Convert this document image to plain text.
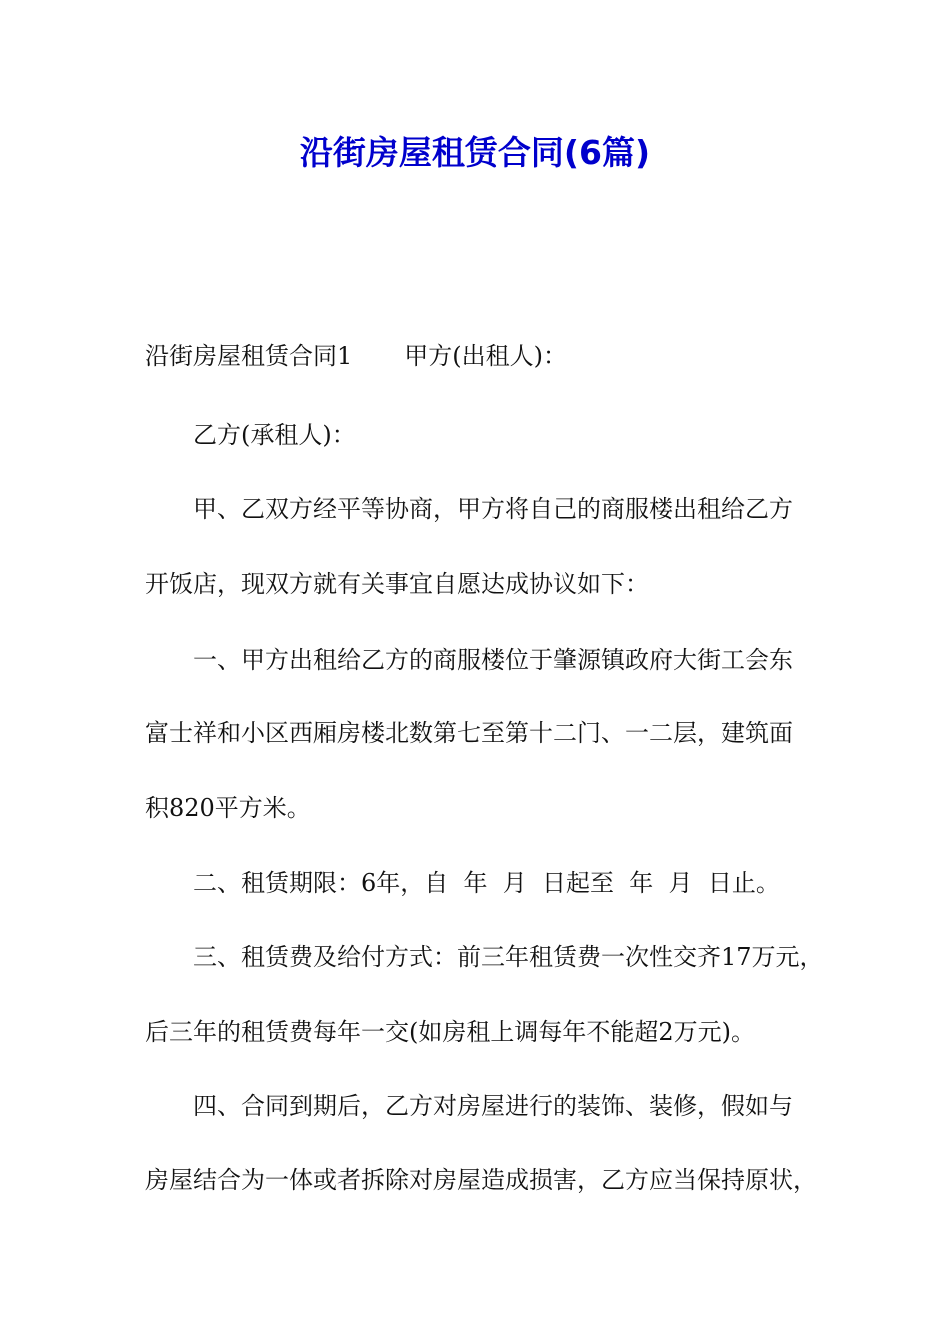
沿街房屋租赁合同(6篇)
沿街房屋租赁合同1 甲方(出租人)：
乙方(承租人)：
甲、乙双方经平等协商，甲方将自己的商服楼出租给乙方
开饭店，现双方就有关事宜自愿达成协议如下：
一、甲方出租给乙方的商服楼位于肇源镇政府大街工会东
富士祥和小区西厢房楼北数第七至第十二门、一二层，建筑面
积820平方米。
二、租赁期限：6年，自  年  月  日起至  年  月  日止。
三、租赁费及给付方式：前三年租赁费一次性交齐17万元，
后三年的租赁费每年一交(如房租上调每年不能超2万元)。
四、合同到期后，乙方对房屋进行的装饰、装修，假如与
房屋结合为一体或者拆除对房屋造成损害，乙方应当保持原状，
